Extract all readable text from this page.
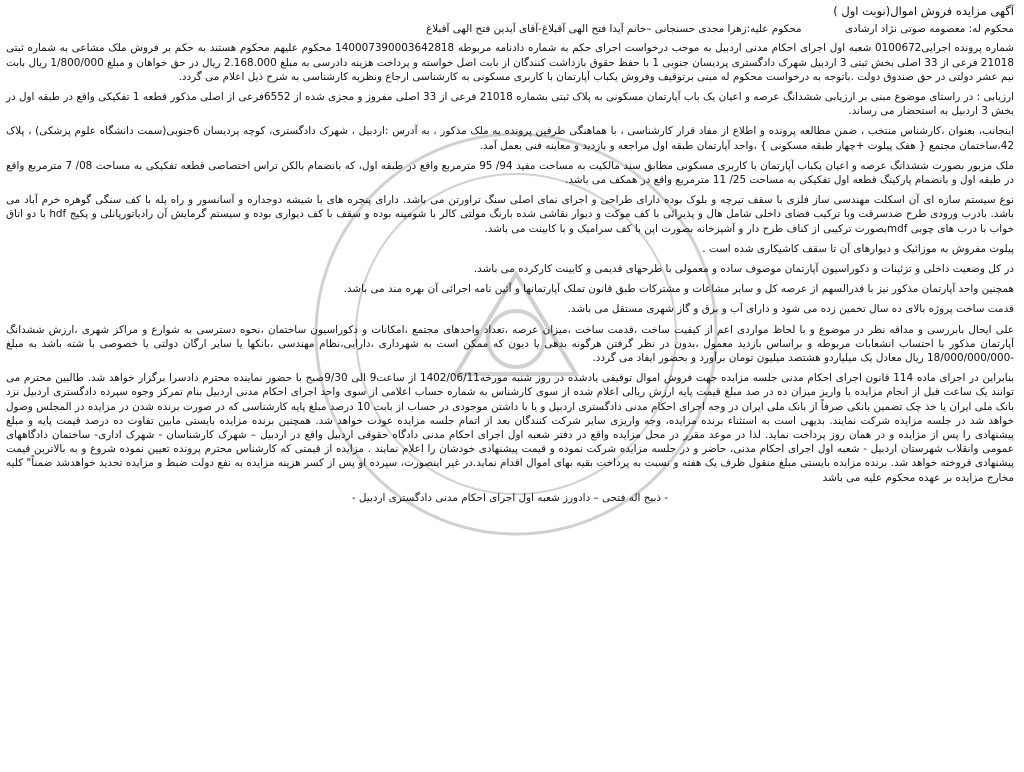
آگهی مزایده فروش اموال(نوبت اول )
محکوم له: معصومه صوتی نژاد ارشادی محکوم علیه:زهرا مجدی حسنجانی –خانم آیدا فتح الهی آقبلاغ-آقای آیدین فتح الهی آقبلاغ

شماره پرونده اجرایی0100672 شعبه اول اجرای احکام مدنی اردبیل به موجب درخواست اجرای حکم به شماره دادنامه مربوطه 140007390003642818 محکوم علیهم محکوم هستند به حکم بر فروش ملک مشاعی به شماره ثبتی 21018 فرعی از 33 اصلی بخش ثبتی 3 اردبیل شهرک دادگستری پردیسان جنوبی 1 با حفظ حقوق بازداشت کنندگان از بابت اصل خواسته و پرداخت هزینه دادرسی به مبلغ 2.168.000 ریال در حق خواهان و مبلغ 1/800/000 ریال بابت نیم عشر دولتی در حق صندوق دولت .باتوجه به درخواست محکوم له مبنی برتوقیف وفروش یکباب آپارتمان با کاربری مسکونی به کارشناسی ارجاع ونظریه کارشناسی به شرح ذیل اعلام می گردد.

ارزیابی : در راستای موضوع مبنی بر ارزیابی ششدانگ عرصه و اعیان یک باب آپارتمان مسکونی به پلاک ثبتی بشماره 21018 فرعی از 33 اصلی مفروز و مجزی شده از 6552فرعی از اصلی مذکور قطعه 1 تفکیکی واقع در طبقه اول در بخش 3 اردبیل به استحضار می رساند.

اینجانب، بعنوان ،کارشناس منتخب ، ضمن مطالعه پرونده و اطلاع از مفاد قرار کارشناسی ، با هماهنگی طرفین پرونده به ملک مذکور ، به آدرس :اردبیل ، شهرک دادگستری، کوچه پردیسان 6جنوبی(سمت دانشگاه علوم پزشکی) ، پلاک 42،ساختمان مجتمع { هفک پیلوت +چهار طبقه مسکونی } ،واحد آپارتمان طبقه اول مراجعه و بازدید و معاینه فنی بعمل آمد.

ملک مزبور بصورت ششدانگ عرصه و اعیان یکباب آپارتمان با کاربری مسکونی مطابق سند مالکیت به مساحت مفید 94/ 95 مترمربع واقع در طبقه اول، که بانضمام بالکن تراس اختصاصی قطعه تفکیکی به مساحت 08/ 7 مترمربع واقع در طبقه اول و بانضمام پارکینگ قطعه اول تفکیکی به مساحت 25/ 11 مترمربع واقع در همکف می باشد.

نوع سیستم سازه ای آن اسکلت مهندسی ساز فلزی با سقف تیرچه و بلوک بوده دارای طراحی و اجرای نمای اصلی سنگ تراورتن می باشد. دارای پنجره های با شیشه دوجداره و آسانسور و راه پله با کف سنگی گوهره خرم آباد می باشد. بادرب ورودی طرح ضدسرقت وبا ترکیب فضای داخلی شامل هال و پذیرائی با کف موکت و دیوار نقاشی شده بارنگ مولتی کالر با شومینه بوده و سقف با کف دیواری بوده و سیستم گرمایش آن رادیاتورپانلی و پکیج hdf با دو اتاق خواب با درب های چوبی mdfبصورت ترکیبی از کناف طرح دار و آشپزخانه بصورت اپن با کف سرامیک و با کابینت می باشد.

پیلوت مفروش به موزائیک و دیوارهای آن تا سقف کاشیکاری شده است .

در کل وضعیت داخلی و تزئینات و دکوراسیون آپارتمان موصوف ساده و معمولی با طرحهای قدیمی و کابینت کارکرده می باشد.

همچنین واحد آپارتمان مذکور نیز با قدرالسهم از عرصه کل و سایر مشاعات و مشترکات طبق قانون تملک آپارتمانها و آئین نامه اجرائی آن بهره مند می باشد.

قدمت ساخت پروژه بالای ده سال تخمین زده می شود و دارای آب و برق و گاز شهری مستقل می باشد.

علی ایحال بابررسی و مداقه نظر در موضوع و با لحاظ مواردی اعم از کیفیت ساخت ،قدمت ساخت ،میزان عرصه ،تعداد واحدهای مجتمع ،امکانات و دکوراسیون ساختمان ،نحوه دسترسی به شوارع و مراکز شهری ،ارزش ششدانگ آپارتمان مذکور با احتساب انشعابات مربوطه و براساس بازدید معمول ،بدون در نظر گرفتن هرگونه بدهی یا دیون که ممکن است به شهرداری ،دارایی،نظام مهندسی ،بانکها یا سایر ارگان دولتی یا خصوصی با شته باشد به مبلغ -18/000/000/000 ریال معادل یک میلیاردو هشتصد میلیون تومان برآورد و بحضور ایفاد می گردد.

بنابراین در اجرای ماده 114 قانون اجرای احکام مدنی جلسه مزایده جهت فروش اموال توقیفی یادشده در روز شنبه مورخه1402/06/11 از ساعت9 الی 9/30صبح با حضور نماینده محترم دادسرا برگزار خواهد شد. طالبین محترم می توانند یک ساعت قبل از انجام مزایده با واریز میزان ده در صد مبلغ قیمت پایه ارزش ریالی اعلام شده از سوی کارشناس به شماره حساب اعلامی از سوی واحد اجرای احکام مدنی اردبیل بنام تمرکز وجوه سپرده دادگستری اردبیل نزد بانک ملی ایران یا خذ چک تضمین بانکی صرفاً از بانک ملی ایران در وجه اجرای احکام مدنی دادگستری اردبیل و یا با داشتن موجودی در حساب از بابت 10 درصد مبلغ پایه کارشناسی که در صورت برنده شدن در مزایده در المجلس وصول خواهد شد در جلسه مزایده شرکت نمایند. بدیهی است به استثناء برنده مزایده، وجه واریزی سایر شرکت کنندگان بعد از اتمام جلسه مزایده عودت خواهد شد. همچنین برنده مزایده بایستی مابین تفاوت ده درصد قیمت پایه و مبلغ پیشنهادی را پس از مزایده و در همان روز پرداخت نماید. لذا در موعد مقرر در محل مزایده واقع در دفتر شعبه اول اجرای احکام مدنی دادگاه حقوقی اردبیل واقع در اردبیل – شهرک کارشناسان - شهرک اداری- ساختمان دادگاههای عمومی وانقلاب شهرستان اردبیل - شعبه اول اجرای احکام مدنی، حاضر و در جلسه مزایده شرکت نموده و قیمت پیشنهادی خودشان را اعلام نمایند . مزایده از قیمتی که کارشناس محترم پرونده تعیین نموده شروع و به بالاترین قیمت پیشنهادی فروخته خواهد شد. برنده مزایده بایستی مبلغ منقول ظرف یک هفته و نسبت به پرداخت بقیه بهای اموال اقدام نماید.در غیر اینصورت، سپرده او پس از کسر هزینه مزایده به نفع دولت ضبط و مزایده تجدید خواهدشد ضمناً" کلیه مخارج مزایده بر عهده محکوم علیه می باشد

- ذبیح اله فتحی – دادورز شعبه اول اجرای احکام مدنی دادگستری اردبیل -
